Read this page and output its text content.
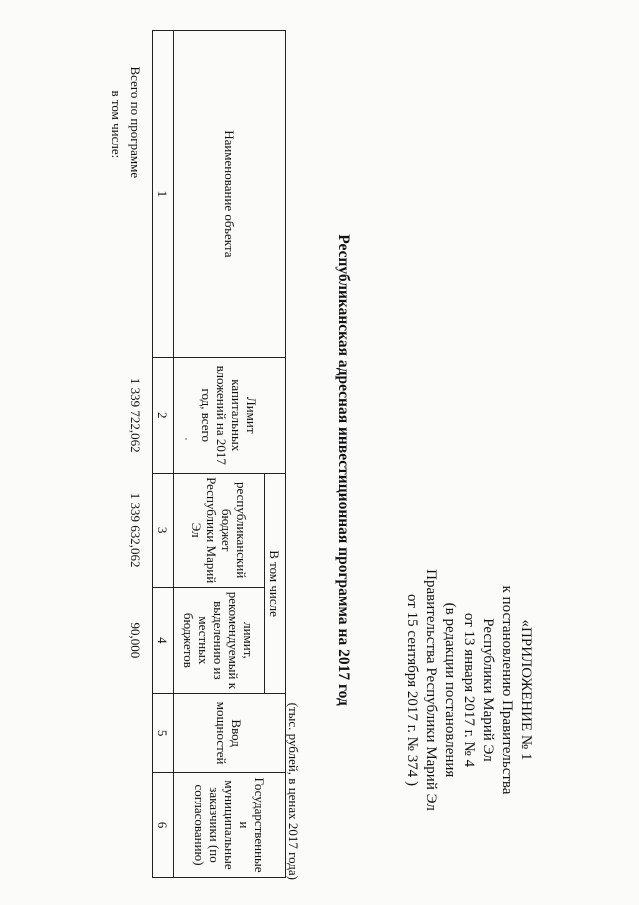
«ПРИЛОЖЕНИЕ № 1
к постановлению Правительства
Республики Марий Эл
от 13 января 2017 г. № 4
(в редакции постановления
Правительства Республики Марий Эл
от 15 сентября 2017 г. № 374 )
Республиканская адресная инвестиционная программа на 2017 год
(тыс. рублей, в ценах 2017 года)
Наименование объекта	Лимит капитальных вложений на 2017 год, всего	В том числе		Ввод мощностей	Государственные и муниципальные заказчики (по согласованию)
		республиканский бюджет Республики Марий Эл	лимит, рекомендуемый к выделению из местных бюджетов		
1	2	3	4	5	6
Всего по программе	1 339 722,062	1 339 632,062	90,000		
в том числе:					
